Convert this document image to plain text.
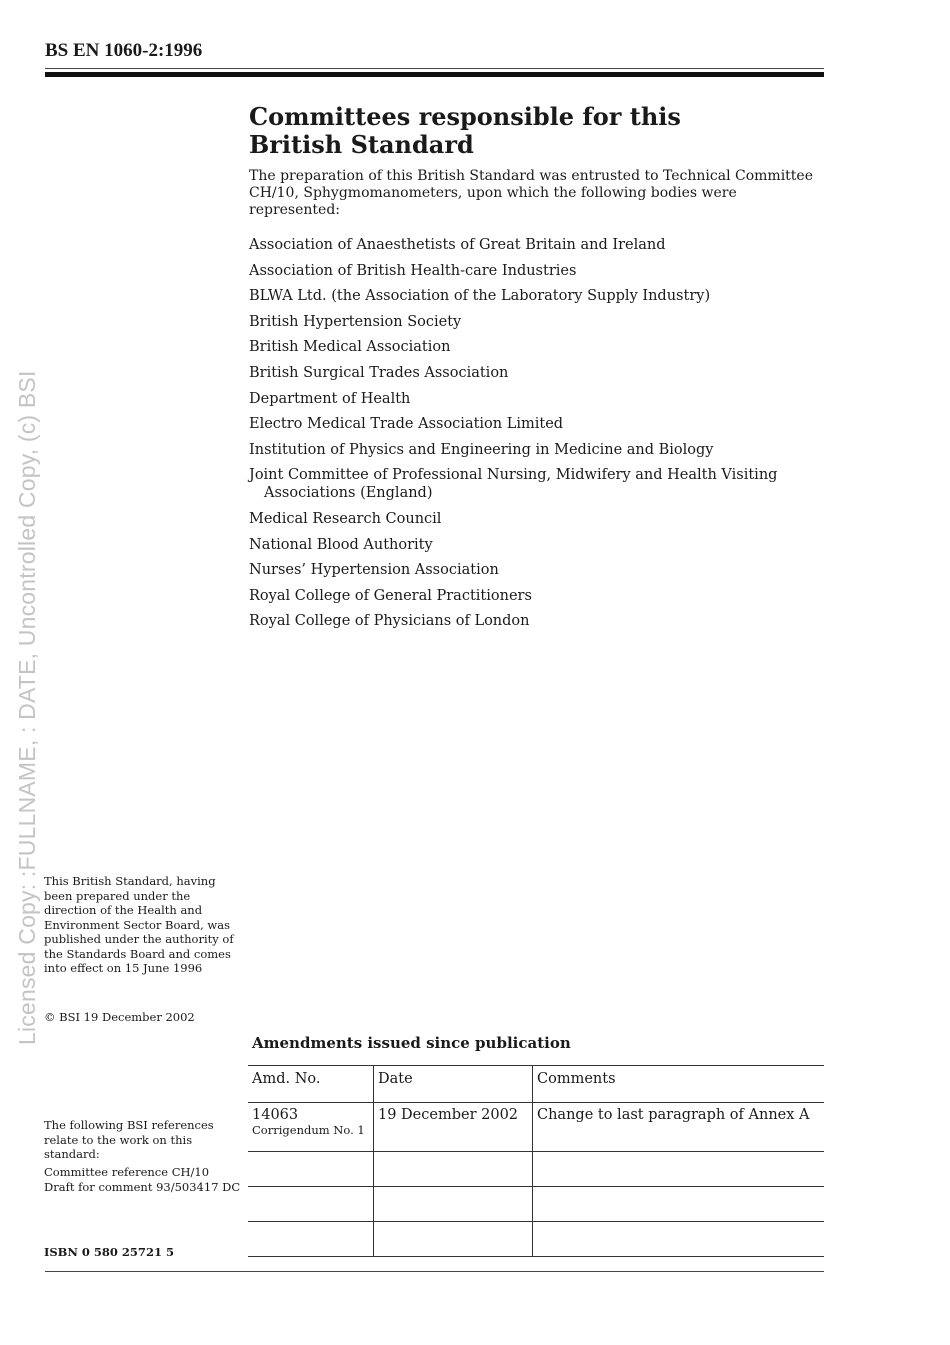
Licensed Copy: :FULLNAME, : DATE, Uncontrolled Copy, (c) BSI
BS EN 1060-2:1996
Committees responsible for this
British Standard
The preparation of this British Standard was entrusted to Technical Committee CH/10, Sphygmomanometers, upon which the following bodies were represented:
Association of Anaesthetists of Great Britain and Ireland
Association of British Health-care Industries
BLWA Ltd. (the Association of the Laboratory Supply Industry)
British Hypertension Society
British Medical Association
British Surgical Trades Association
Department of Health
Electro Medical Trade Association Limited
Institution of Physics and Engineering in Medicine and Biology
Joint Committee of Professional Nursing, Midwifery and Health Visiting Associations (England)
Medical Research Council
National Blood Authority
Nurses’ Hypertension Association
Royal College of General Practitioners
Royal College of Physicians of London
This British Standard, having been prepared under the direction of the Health and Environment Sector Board, was published under the authority of the Standards Board and comes into effect on 15 June 1996
© BSI 19 December 2002
Amendments issued since publication
Amd. No.	Date	Comments
14063
Corrigendum No. 1	19 December 2002	Change to last paragraph of Annex A

The following BSI references relate to the work on this standard:
Committee reference CH/10
Draft for comment 93/503417 DC
ISBN 0 580 25721 5
